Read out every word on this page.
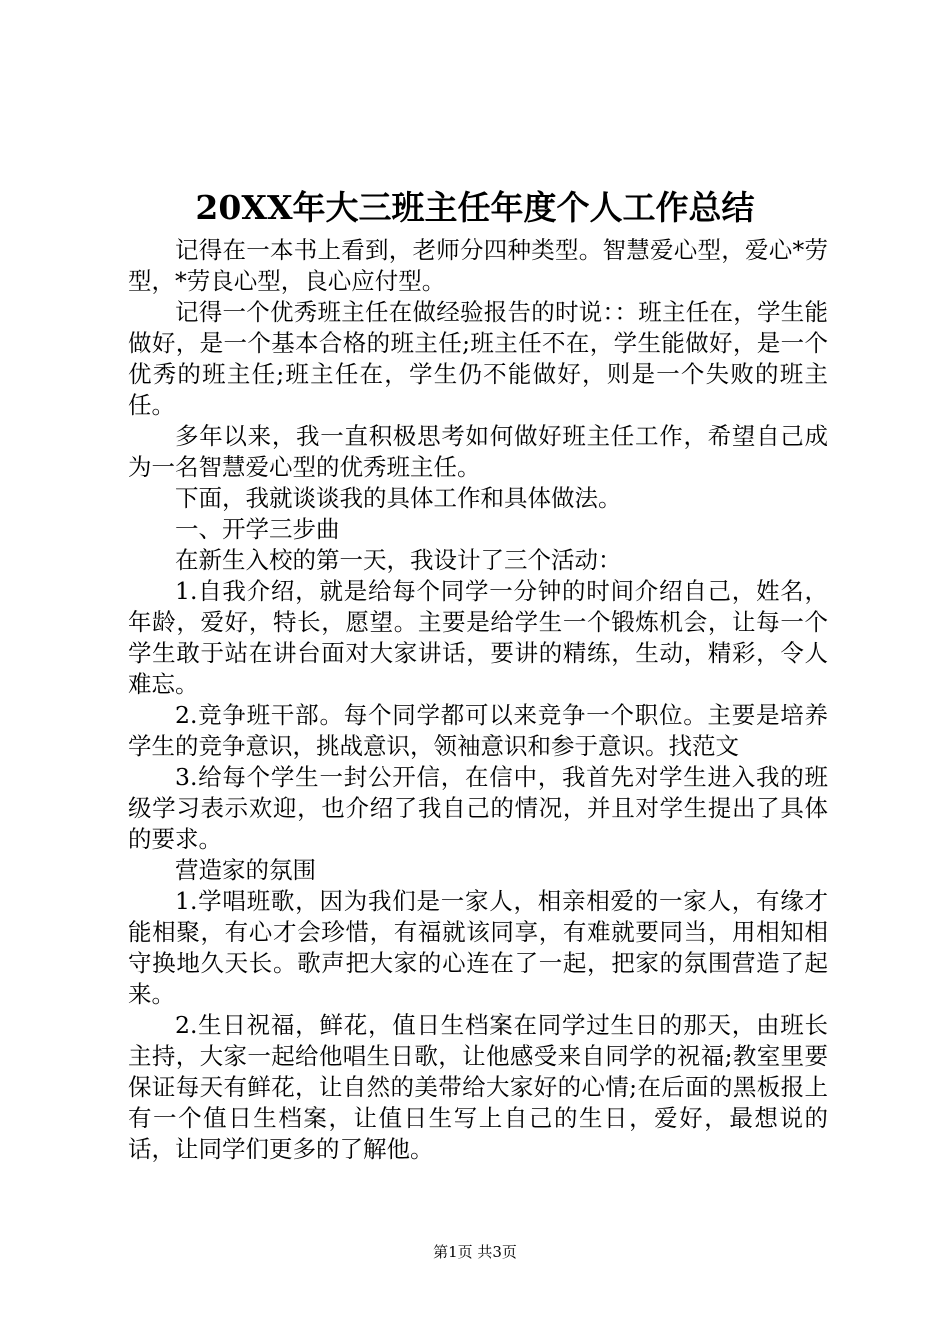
20XX年大三班主任年度个人工作总结

记得在一本书上看到，老师分四种类型。智慧爱心型，爱心*劳型，*劳良心型，良心应付型。

记得一个优秀班主任在做经验报告的时说：：班主任在，学生能做好，是一个基本合格的班主任;班主任不在，学生能做好，是一个优秀的班主任;班主任在，学生仍不能做好，则是一个失败的班主任。

多年以来，我一直积极思考如何做好班主任工作，希望自己成为一名智慧爱心型的优秀班主任。

下面，我就谈谈我的具体工作和具体做法。

一、开学三步曲

在新生入校的第一天，我设计了三个活动：

1.自我介绍，就是给每个同学一分钟的时间介绍自己，姓名，年龄，爱好，特长，愿望。主要是给学生一个锻炼机会，让每一个学生敢于站在讲台面对大家讲话，要讲的精练，生动，精彩，令人难忘。

2.竞争班干部。每个同学都可以来竞争一个职位。主要是培养学生的竞争意识，挑战意识，领袖意识和参于意识。找范文

3.给每个学生一封公开信，在信中，我首先对学生进入我的班级学习表示欢迎，也介绍了我自己的情况，并且对学生提出了具体的要求。

营造家的氛围

1.学唱班歌，因为我们是一家人，相亲相爱的一家人，有缘才能相聚，有心才会珍惜，有福就该同享，有难就要同当，用相知相守换地久天长。歌声把大家的心连在了一起，把家的氛围营造了起来。

2.生日祝福，鲜花，值日生档案在同学过生日的那天，由班长主持，大家一起给他唱生日歌，让他感受来自同学的祝福;教室里要保证每天有鲜花，让自然的美带给大家好的心情;在后面的黑板报上有一个值日生档案，让值日生写上自己的生日，爱好，最想说的话，让同学们更多的了解他。

第1页 共3页
